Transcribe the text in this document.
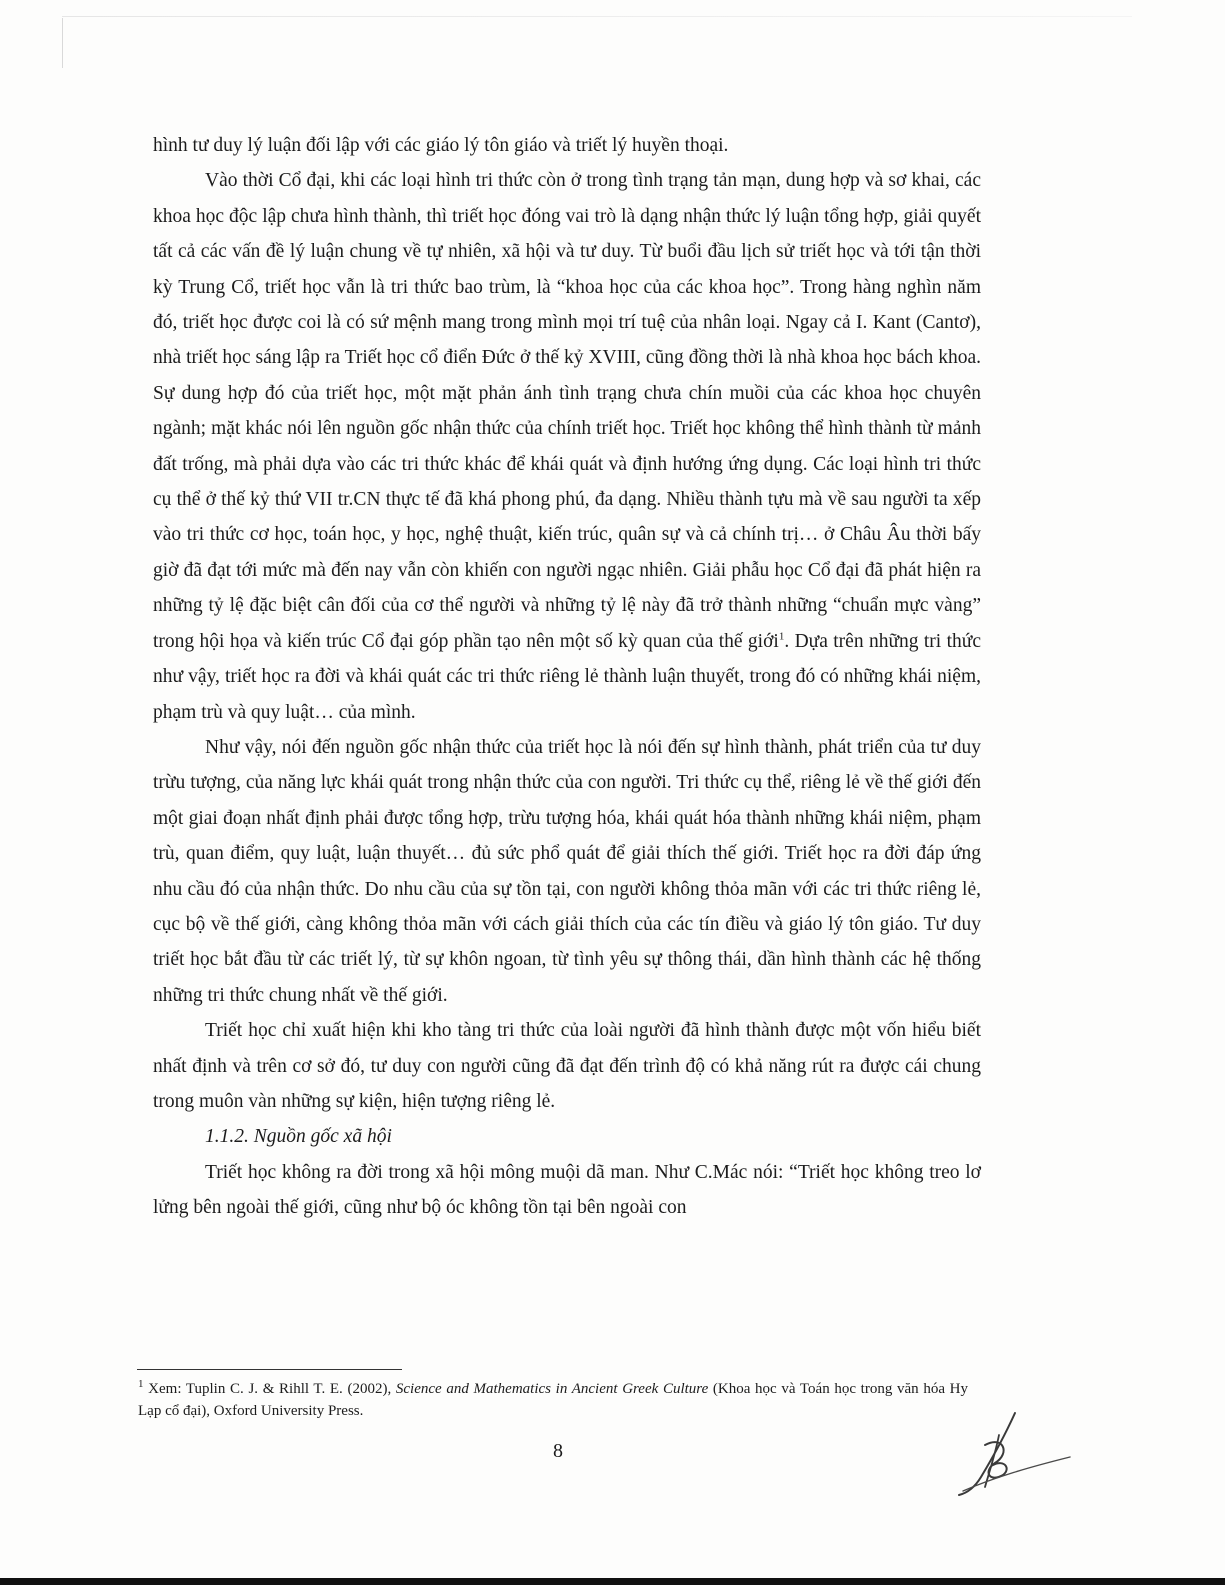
hình tư duy lý luận đối lập với các giáo lý tôn giáo và triết lý huyền thoại.

Vào thời Cổ đại, khi các loại hình tri thức còn ở trong tình trạng tản mạn, dung hợp và sơ khai, các khoa học độc lập chưa hình thành, thì triết học đóng vai trò là dạng nhận thức lý luận tổng hợp, giải quyết tất cả các vấn đề lý luận chung về tự nhiên, xã hội và tư duy. Từ buổi đầu lịch sử triết học và tới tận thời kỳ Trung Cổ, triết học vẫn là tri thức bao trùm, là “khoa học của các khoa học”. Trong hàng nghìn năm đó, triết học được coi là có sứ mệnh mang trong mình mọi trí tuệ của nhân loại. Ngay cả I. Kant (Cantơ), nhà triết học sáng lập ra Triết học cổ điển Đức ở thế kỷ XVIII, cũng đồng thời là nhà khoa học bách khoa. Sự dung hợp đó của triết học, một mặt phản ánh tình trạng chưa chín muồi của các khoa học chuyên ngành; mặt khác nói lên nguồn gốc nhận thức của chính triết học. Triết học không thể hình thành từ mảnh đất trống, mà phải dựa vào các tri thức khác để khái quát và định hướng ứng dụng. Các loại hình tri thức cụ thể ở thế kỷ thứ VII tr.CN thực tế đã khá phong phú, đa dạng. Nhiều thành tựu mà về sau người ta xếp vào tri thức cơ học, toán học, y học, nghệ thuật, kiến trúc, quân sự và cả chính trị… ở Châu Âu thời bấy giờ đã đạt tới mức mà đến nay vẫn còn khiến con người ngạc nhiên. Giải phẫu học Cổ đại đã phát hiện ra những tỷ lệ đặc biệt cân đối của cơ thể người và những tỷ lệ này đã trở thành những “chuẩn mực vàng” trong hội họa và kiến trúc Cổ đại góp phần tạo nên một số kỳ quan của thế giới$^1$. Dựa trên những tri thức như vậy, triết học ra đời và khái quát các tri thức riêng lẻ thành luận thuyết, trong đó có những khái niệm, phạm trù và quy luật… của mình.

Như vậy, nói đến nguồn gốc nhận thức của triết học là nói đến sự hình thành, phát triển của tư duy trừu tượng, của năng lực khái quát trong nhận thức của con người. Tri thức cụ thể, riêng lẻ về thế giới đến một giai đoạn nhất định phải được tổng hợp, trừu tượng hóa, khái quát hóa thành những khái niệm, phạm trù, quan điểm, quy luật, luận thuyết… đủ sức phổ quát để giải thích thế giới. Triết học ra đời đáp ứng nhu cầu đó của nhận thức. Do nhu cầu của sự tồn tại, con người không thỏa mãn với các tri thức riêng lẻ, cục bộ về thế giới, càng không thỏa mãn với cách giải thích của các tín điều và giáo lý tôn giáo. Tư duy triết học bắt đầu từ các triết lý, từ sự khôn ngoan, từ tình yêu sự thông thái, dần hình thành các hệ thống những tri thức chung nhất về thế giới.

Triết học chỉ xuất hiện khi kho tàng tri thức của loài người đã hình thành được một vốn hiểu biết nhất định và trên cơ sở đó, tư duy con người cũng đã đạt đến trình độ có khả năng rút ra được cái chung trong muôn vàn những sự kiện, hiện tượng riêng lẻ.

1.1.2. Nguồn gốc xã hội

Triết học không ra đời trong xã hội mông muội dã man. Như C.Mác nói: “Triết học không treo lơ lửng bên ngoài thế giới, cũng như bộ óc không tồn tại bên ngoài con

$^1$ Xem: Tuplin C. J. & Rihll T. E. (2002), Science and Mathematics in Ancient Greek Culture (Khoa học và Toán học trong văn hóa Hy Lạp cổ đại), Oxford University Press.
8
